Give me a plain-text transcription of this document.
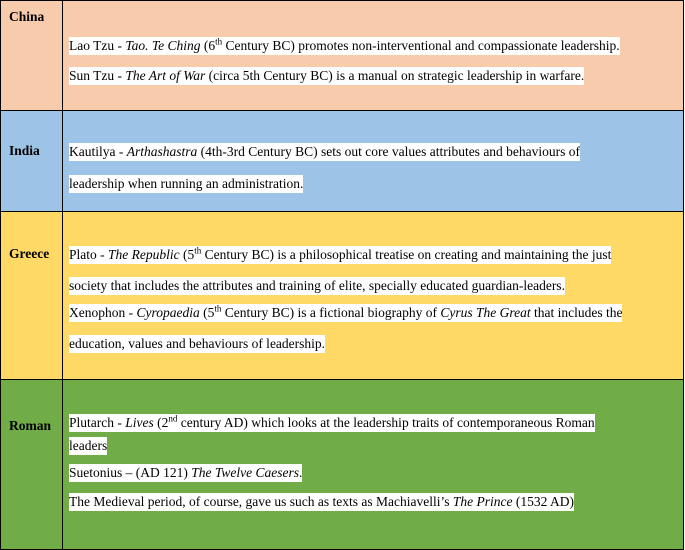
China	Lao Tzu - Tao. Te Ching (6th Century BC) promotes non-interventional and compassionate leadership.
Sun Tzu - The Art of War (circa 5th Century BC) is a manual on strategic leadership in warfare.

India	Kautilya - Arthashastra (4th-3rd Century BC) sets out core values attributes and behaviours of
leadership when running an administration.

Greece	Plato - The Republic (5th Century BC) is a philosophical treatise on creating and maintaining the just
society that includes the attributes and training of elite, specially educated guardian-leaders.
Xenophon - Cyropaedia (5th Century BC) is a fictional biography of Cyrus The Great that includes the
education, values and behaviours of leadership.

Roman	Plutarch - Lives (2nd century AD) which looks at the leadership traits of contemporaneous Roman
leaders
Suetonius – (AD 121) The Twelve Caesers.
The Medieval period, of course, gave us such as texts as Machiavelli’s The Prince (1532 AD)
